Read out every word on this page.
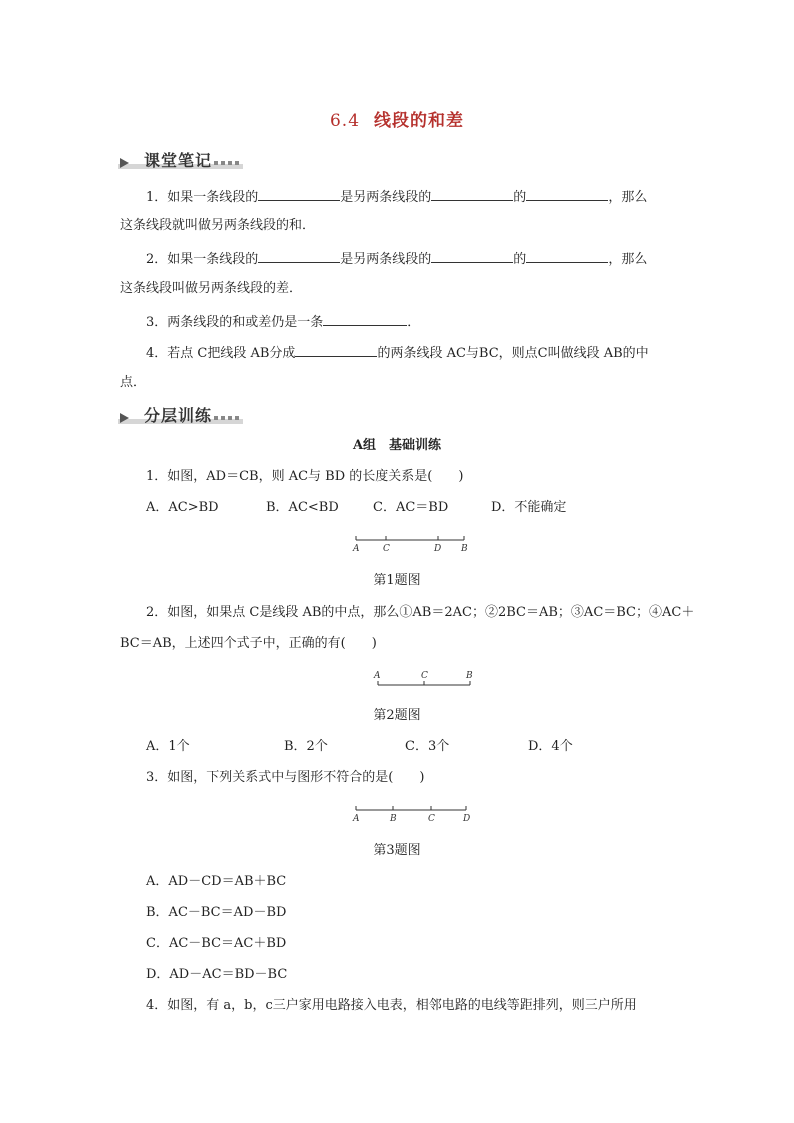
6.4 线段的和差
课堂笔记
1．如果一条线段的	是另两条线段的	的	，那么
这条线段就叫做另两条线段的和．
2．如果一条线段的	是另两条线段的	的	，那么
这条线段叫做另两条线段的差．
3．两条线段的和或差仍是一条	．
4．若点 C把线段 AB分成	的两条线段 AC与BC，则点C叫做线段 AB的中
点．
分层训练
A组　基础训练
1．如图，AD＝CB，则 AC与 BD 的长度关系是(　　)
A．AC>BD	B．AC<BD	C．AC＝BD	D．不能确定
A	C	D B
第1题图
2．如图，如果点 C是线段 AB的中点，那么①AB＝2AC；②2BC＝AB；③AC＝BC；④AC＋
BC＝AB，上述四个式子中，正确的有(　　)
A	C	B
第2题图
A．1个	B．2个	C．3个	D．4个
3．如图，下列关系式中与图形不符合的是(　　)
A	B	C	D
第3题图
A．AD－CD＝AB＋BC
B．AC－BC＝AD－BD
C．AC－BC＝AC＋BD
D．AD－AC＝BD－BC
4．如图，有 a，b，c三户家用电路接入电表，相邻电路的电线等距排列，则三户所用
